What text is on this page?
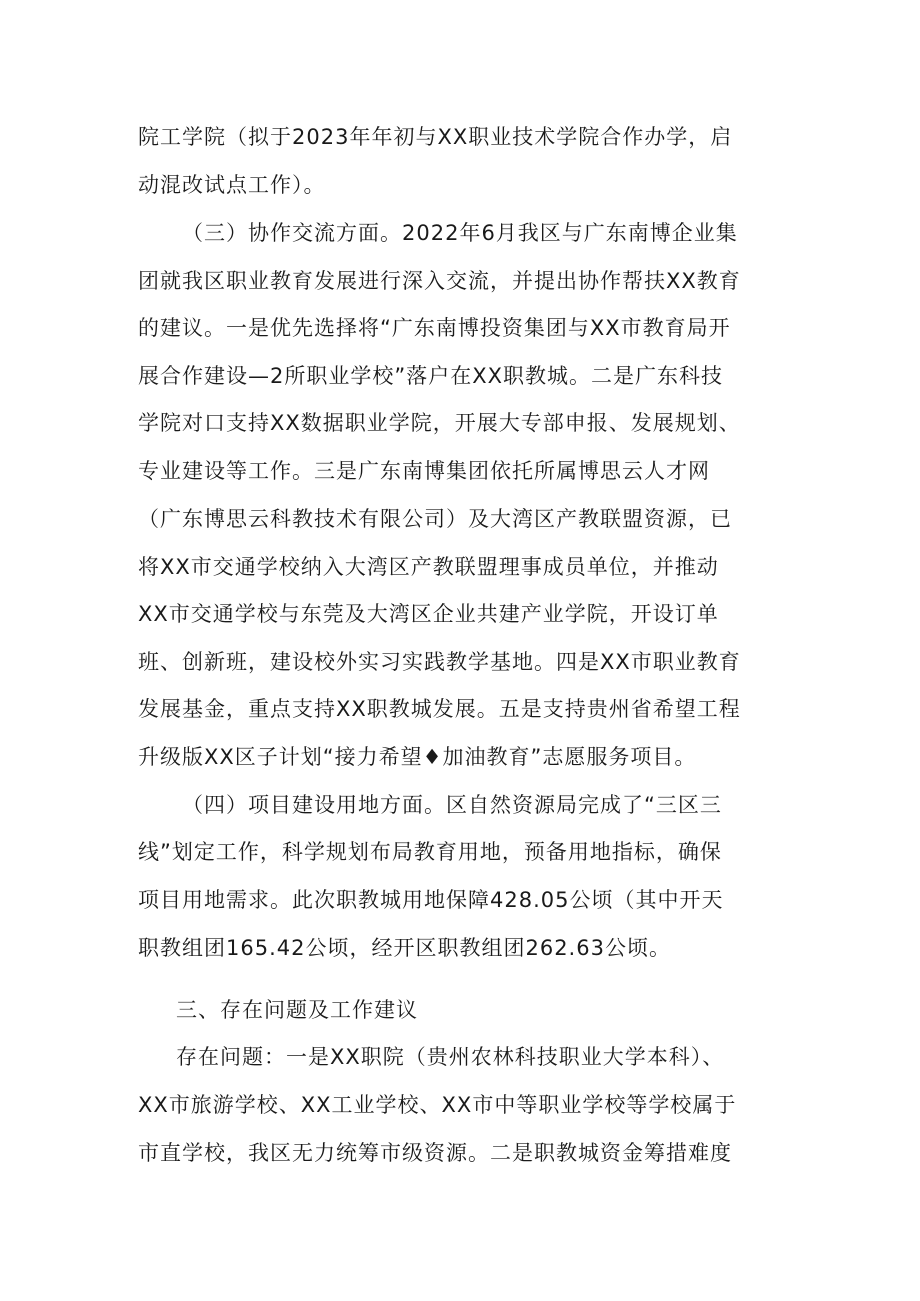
院工学院（拟于2023年年初与XX职业技术学院合作办学，启

动混改试点工作）。

（三）协作交流方面。2022年6月我区与广东南博企业集

团就我区职业教育发展进行深入交流，并提出协作帮扶XX教育

的建议。一是优先选择将“广东南博投资集团与XX市教育局开

展合作建设—2所职业学校”落户在XX职教城。二是广东科技

学院对口支持XX数据职业学院，开展大专部申报、发展规划、

专业建设等工作。三是广东南博集团依托所属博思云人才网

（广东博思云科教技术有限公司）及大湾区产教联盟资源，已

将XX市交通学校纳入大湾区产教联盟理事成员单位，并推动

XX市交通学校与东莞及大湾区企业共建产业学院，开设订单

班、创新班，建设校外实习实践教学基地。四是XX市职业教育

发展基金，重点支持XX职教城发展。五是支持贵州省希望工程

升级版XX区子计划“接力希望♦加油教育”志愿服务项目。

（四）项目建设用地方面。区自然资源局完成了“三区三

线”划定工作，科学规划布局教育用地，预备用地指标，确保

项目用地需求。此次职教城用地保障428.05公顷（其中开天

职教组团165.42公顷，经开区职教组团262.63公顷。

三、存在问题及工作建议

存在问题：一是XX职院（贵州农林科技职业大学本科）、

XX市旅游学校、XX工业学校、XX市中等职业学校等学校属于

市直学校，我区无力统筹市级资源。二是职教城资金筹措难度
